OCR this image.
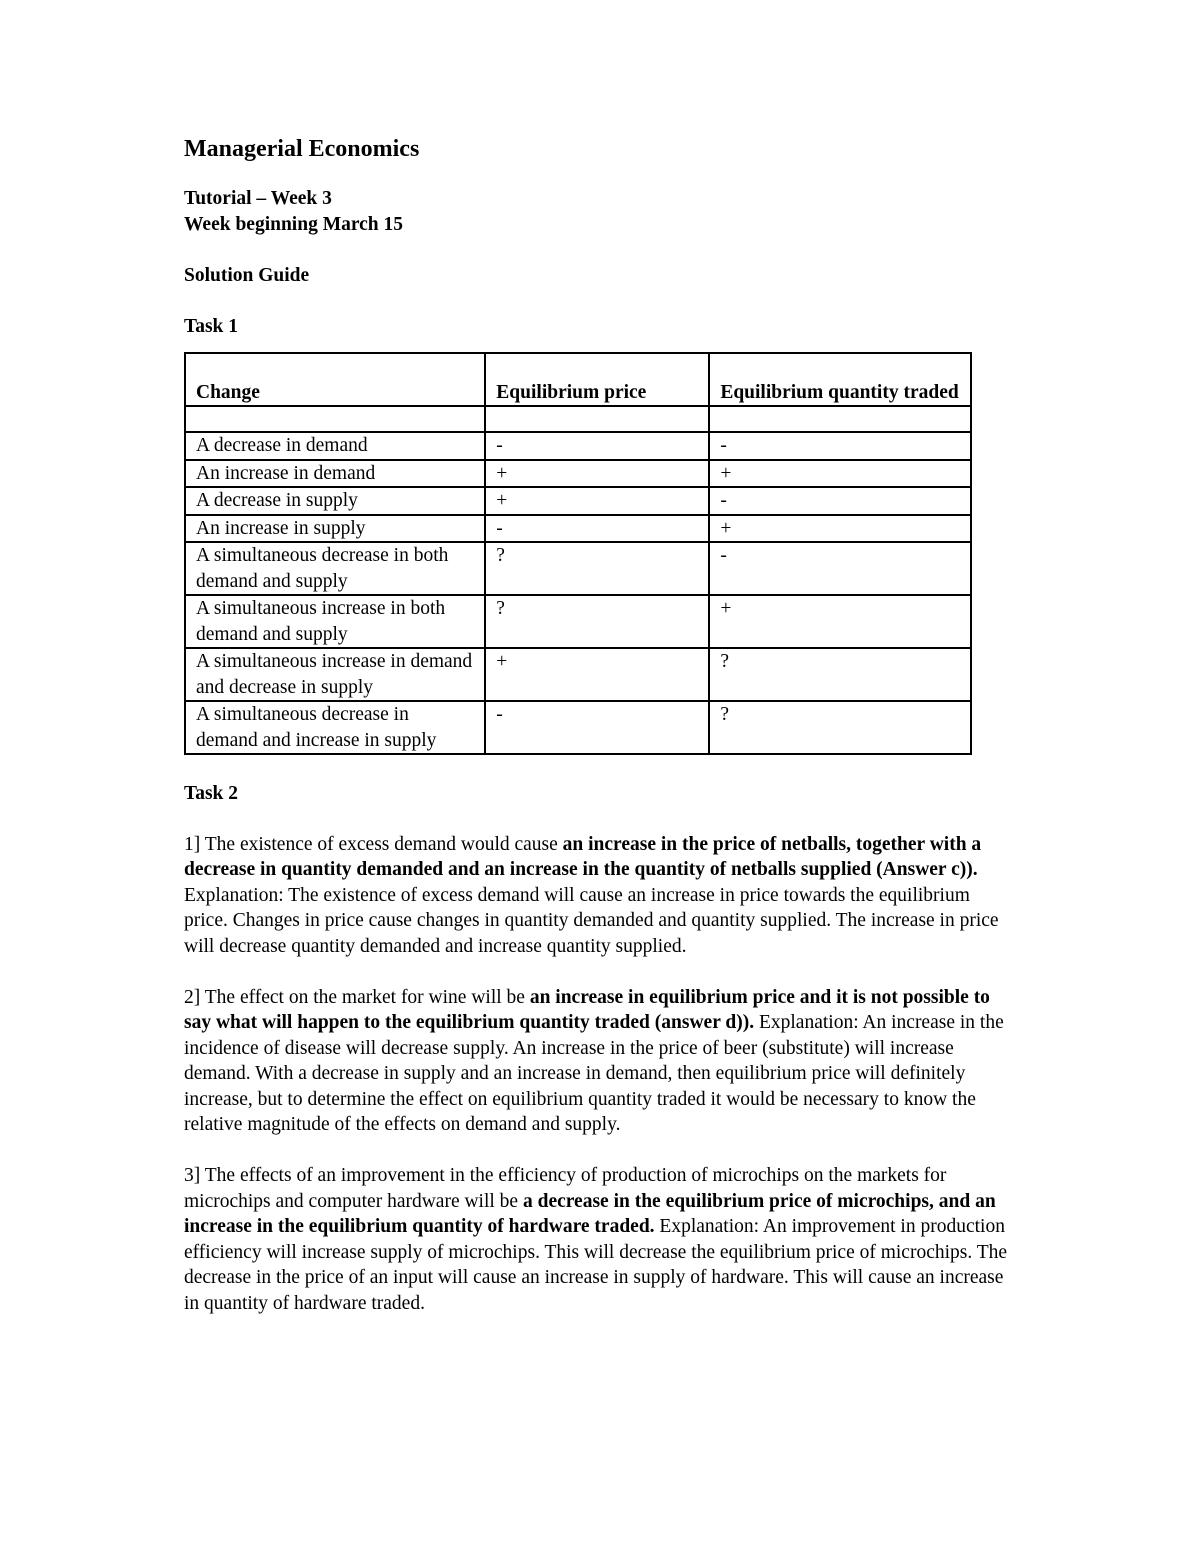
Managerial Economics

Tutorial – Week 3

Week beginning March 15

Solution Guide

Task 1

Change	Equilibrium price	Equilibrium quantity traded

A decrease in demand	-	-
An increase in demand	+	+
A decrease in supply	+	-
An increase in supply	-	+
A simultaneous decrease in both demand and supply	?	-
A simultaneous increase in both demand and supply	?	+
A simultaneous increase in demand and decrease in supply	+	?
A simultaneous decrease in demand and increase in supply	-	?

Task 2

1] The existence of excess demand would cause an increase in the price of netballs, together with a decrease in quantity demanded and an increase in the quantity of netballs supplied (Answer c)). Explanation: The existence of excess demand will cause an increase in price towards the equilibrium price. Changes in price cause changes in quantity demanded and quantity supplied. The increase in price will decrease quantity demanded and increase quantity supplied.

2] The effect on the market for wine will be an increase in equilibrium price and it is not possible to say what will happen to the equilibrium quantity traded (answer d)). Explanation: An increase in the incidence of disease will decrease supply. An increase in the price of beer (substitute) will increase demand. With a decrease in supply and an increase in demand, then equilibrium price will definitely increase, but to determine the effect on equilibrium quantity traded it would be necessary to know the relative magnitude of the effects on demand and supply.

3] The effects of an improvement in the efficiency of production of microchips on the markets for microchips and computer hardware will be a decrease in the equilibrium price of microchips, and an increase in the equilibrium quantity of hardware traded. Explanation: An improvement in production efficiency will increase supply of microchips. This will decrease the equilibrium price of microchips. The decrease in the price of an input will cause an increase in supply of hardware. This will cause an increase in quantity of hardware traded.
